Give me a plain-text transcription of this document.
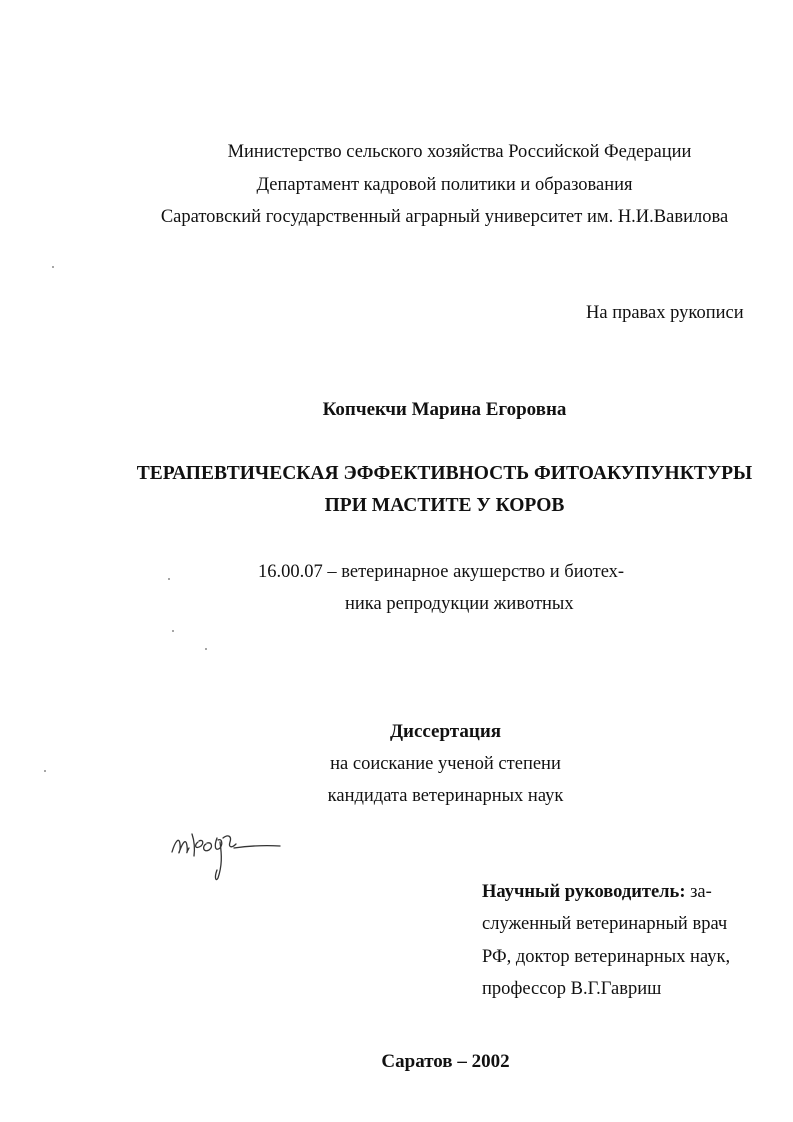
Министерство сельского хозяйства Российской Федерации
Департамент кадровой политики и образования
Саратовский государственный аграрный университет им. Н.И.Вавилова
На правах рукописи
Копчекчи Марина Егоровна
ТЕРАПЕВТИЧЕСКАЯ ЭФФЕКТИВНОСТЬ ФИТОАКУПУНКТУРЫ
ПРИ МАСТИТЕ У КОРОВ
16.00.07 – ветеринарное акушерство и биотех-
ника репродукции животных
Диссертация
на соискание ученой степени
кандидата ветеринарных наук
Научный руководитель: за-
служенный ветеринарный врач
РФ, доктор ветеринарных наук,
профессор В.Г.Гавриш
Саратов – 2002
